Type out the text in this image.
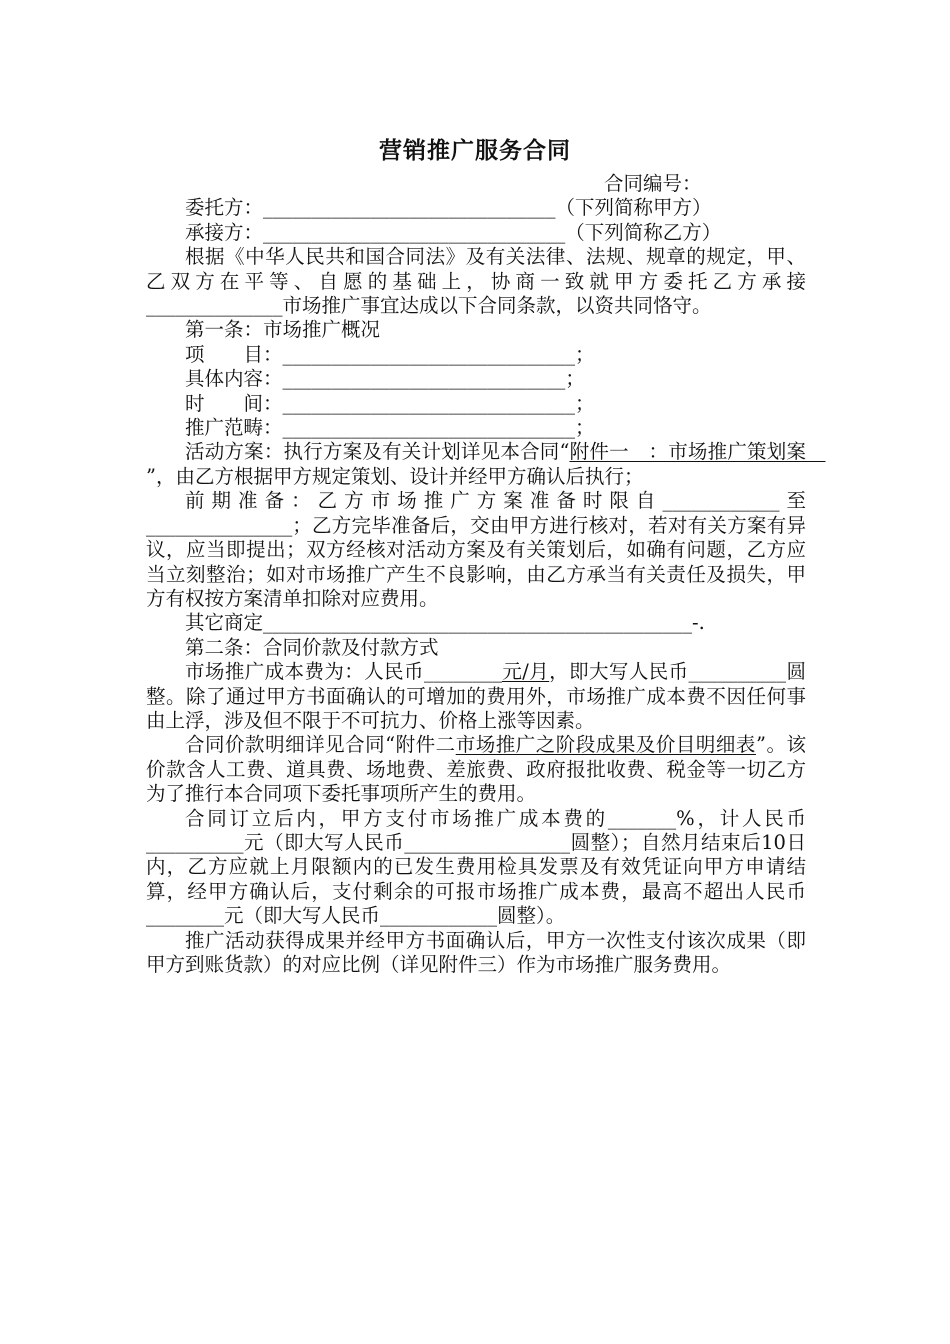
营销推广服务合同

合同编号：

委托方：______________________________（下列简称甲方）

承接方：_______________________________（下列简称乙方）

根据《中华人民共和国合同法》及有关法律、法规、规章的规定，甲、乙双方在平等、自愿的基础上，协商一致就甲方委托乙方承接______________市场推广事宜达成以下合同条款，以资共同恪守。

第一条：市场推广概况

项　　目：______________________________；

具体内容：_____________________________；

时　　间：______________________________；

推广范畴：______________________________；

活动方案：执行方案及有关计划详见本合同“附件一　：市场推广策划案　”，由乙方根据甲方规定策划、设计并经甲方确认后执行；

前期准备：乙方市场推广方案准备时限自____________至_______________；乙方完毕准备后，交由甲方进行核对，若对有关方案有异议，应当即提出；双方经核对活动方案及有关策划后，如确有问题，乙方应当立刻整治；如对市场推广产生不良影响，由乙方承当有关责任及损失，甲方有权按方案清单扣除对应费用。

其它商定____________________________________________-.

第二条：合同价款及付款方式

市场推广成本费为：人民币________元/月，即大写人民币__________圆整。除了通过甲方书面确认的可增加的费用外，市场推广成本费不因任何事由上浮，涉及但不限于不可抗力、价格上涨等因素。

合同价款明细详见合同“附件二市场推广之阶段成果及价目明细表”。该价款含人工费、道具费、场地费、差旅费、政府报批收费、税金等一切乙方为了推行本合同项下委托事项所产生的费用。

合同订立后内，甲方支付市场推广成本费的_______%，计人民币__________元（即大写人民币_________________圆整）；自然月结束后10日内，乙方应就上月限额内的已发生费用检具发票及有效凭证向甲方申请结算，经甲方确认后，支付剩余的可报市场推广成本费，最高不超出人民币________元（即大写人民币____________圆整）。

推广活动获得成果并经甲方书面确认后，甲方一次性支付该次成果（即甲方到账货款）的对应比例（详见附件三）作为市场推广服务费用。
